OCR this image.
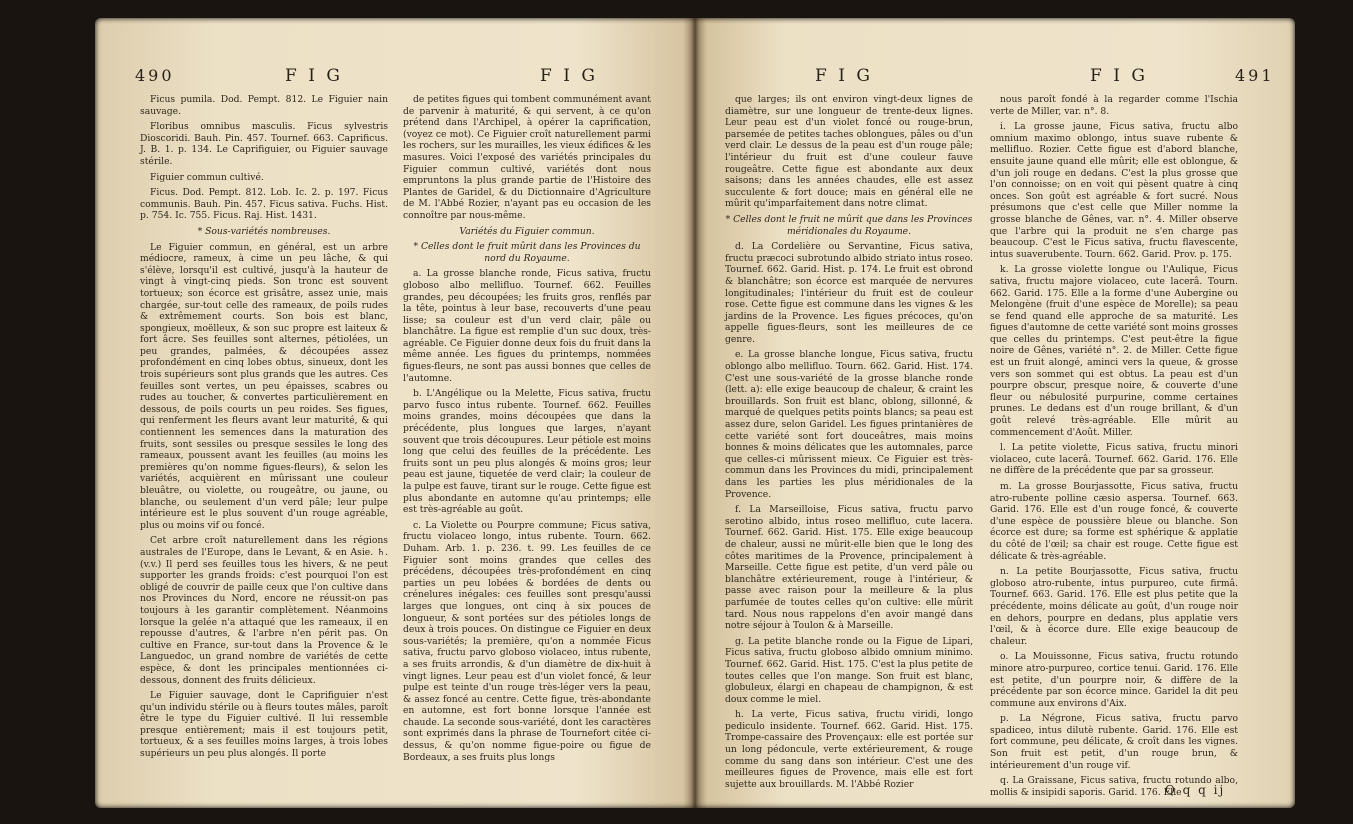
490	F I G	F I G

Ficus pumila. Dod. Pempt. 812. Le Figuier nain sauvage.

Floribus omnibus masculis. Ficus sylvestris Dioscoridi. Bauh. Pin. 457. Tournef. 663. Caprificus. J. B. 1. p. 134. Le Caprifiguier, ou Figuier sauvage stérile.

Figuier commun cultivé.

Ficus. Dod. Pempt. 812. Lob. Ic. 2. p. 197. Ficus communis. Bauh. Pin. 457. Ficus sativa. Fuchs. Hist. p. 754. Ic. 755. Ficus. Raj. Hist. 1431.

* Sous-variétés nombreuses.

Le Figuier commun, en général, est un arbre médiocre, rameux, à cime un peu lâche, & qui s'élève, lorsqu'il est cultivé, jusqu'à la hauteur de vingt à vingt-cinq pieds. Son tronc est souvent tortueux; son écorce est grisâtre, assez unie, mais chargée, sur-tout celle des rameaux, de poils rudes & extrêmement courts. Son bois est blanc, spongieux, moëlleux, & son suc propre est laiteux & fort âcre. Ses feuilles sont alternes, pétiolées, un peu grandes, palmées, & découpées assez profondément en cinq lobes obtus, sinueux, dont les trois supérieurs sont plus grands que les autres. Ces feuilles sont vertes, un peu épaisses, scabres ou rudes au toucher, & convertes particulièrement en dessous, de poils courts un peu roides. Ses figues, qui renferment les fleurs avant leur maturité, & qui contiennent les semences dans la maturation des fruits, sont sessiles ou presque sessiles le long des rameaux, poussent avant les feuilles (au moins les premières qu'on nomme figues-fleurs), & selon les variétés, acquièrent en mûrissant une couleur bleuâtre, ou violette, ou rougeâtre, ou jaune, ou blanche, ou seulement d'un verd pâle; leur pulpe intérieure est le plus souvent d'un rouge agréable, plus ou moins vif ou foncé.

Cet arbre croît naturellement dans les régions australes de l'Europe, dans le Levant, & en Asie. ♄. (v.v.) Il perd ses feuilles tous les hivers, & ne peut supporter les grands froids: c'est pourquoi l'on est obligé de couvrir de paille ceux que l'on cultive dans nos Provinces du Nord, encore ne réussit-on pas toujours à les garantir complètement. Néanmoins lorsque la gelée n'a attaqué que les rameaux, il en repousse d'autres, & l'arbre n'en périt pas. On cultive en France, sur-tout dans la Provence & le Languedoc, un grand nombre de variétés de cette espèce, & dont les principales mentionnées ci-dessous, donnent des fruits délicieux.

Le Figuier sauvage, dont le Caprifiguier n'est qu'un individu stérile ou à fleurs toutes mâles, paroît être le type du Figuier cultivé. Il lui ressemble presque entièrement; mais il est toujours petit, tortueux, & a ses feuilles moins larges, à trois lobes supérieurs un peu plus alongés. Il porte

de petites figues qui tombent communément avant de parvenir à maturité, & qui servent, à ce qu'on prétend dans l'Archipel, à opérer la caprification, (voyez ce mot). Ce Figuier croît naturellement parmi les rochers, sur les murailles, les vieux édifices & les masures. Voici l'exposé des variétés principales du Figuier commun cultivé, variétés dont nous empruntons la plus grande partie de l'Histoire des Plantes de Garidel, & du Dictionnaire d'Agriculture de M. l'Abbé Rozier, n'ayant pas eu occasion de les connoître par nous-même.

Variétés du Figuier commun.

* Celles dont le fruit mûrit dans les Provinces du nord du Royaume.

a. La grosse blanche ronde, Ficus sativa, fructu globoso albo mellifluo. Tournef. 662. Feuilles grandes, peu découpées; les fruits gros, renflés par la tête, pointus à leur base, recouverts d'une peau lisse; sa couleur est d'un verd clair, pâle ou blanchâtre. La figue est remplie d'un suc doux, très-agréable. Ce Figuier donne deux fois du fruit dans la même année. Les figues du printemps, nommées figues-fleurs, ne sont pas aussi bonnes que celles de l'automne.

b. L'Angélique ou la Melette, Ficus sativa, fructu parvo fusco intus rubente. Tournef. 662. Feuilles moins grandes, moins découpées que dans la précédente, plus longues que larges, n'ayant souvent que trois découpures. Leur pétiole est moins long que celui des feuilles de la précédente. Les fruits sont un peu plus alongés & moins gros; leur peau est jaune, tiquetée de verd clair; la couleur de la pulpe est fauve, tirant sur le rouge. Cette figue est plus abondante en automne qu'au printemps; elle est très-agréable au goût.

c. La Violette ou Pourpre commune; Ficus sativa, fructu violaceo longo, intus rubente. Tourn. 662. Duham. Arb. 1. p. 236. t. 99. Les feuilles de ce Figuier sont moins grandes que celles des précédens, découpées très-profondément en cinq parties un peu lobées & bordées de dents ou crénelures inégales: ces feuilles sont presqu'aussi larges que longues, ont cinq à six pouces de longueur, & sont portées sur des pétioles longs de deux à trois pouces. On distingue ce Figuier en deux sous-variétés; la première, qu'on a nommée Ficus sativa, fructu parvo globoso violaceo, intus rubente, a ses fruits arrondis, & d'un diamètre de dix-huit à vingt lignes. Leur peau est d'un violet foncé, & leur pulpe est teinte d'un rouge très-léger vers la peau, & assez foncé au centre. Cette figue, très-abondante en automne, est fort bonne lorsque l'année est chaude. La seconde sous-variété, dont les caractères sont exprimés dans la phrase de Tournefort citée ci-dessus, & qu'on nomme figue-poire ou figue de Bordeaux, a ses fruits plus longs

F I G	F I G	491

que larges; ils ont environ vingt-deux lignes de diamètre, sur une longueur de trente-deux lignes. Leur peau est d'un violet foncé ou rouge-brun, parsemée de petites taches oblongues, pâles ou d'un verd clair. Le dessus de la peau est d'un rouge pâle; l'intérieur du fruit est d'une couleur fauve rougeâtre. Cette figue est abondante aux deux saisons; dans les années chaudes, elle est assez succulente & fort douce; mais en général elle ne mûrit qu'imparfaitement dans notre climat.

* Celles dont le fruit ne mûrit que dans les Provinces méridionales du Royaume.

d. La Cordelière ou Servantine, Ficus sativa, fructu præcoci subrotundo albido striato intus roseo. Tournef. 662. Garid. Hist. p. 174. Le fruit est obrond & blanchâtre; son écorce est marquée de nervures longitudinales; l'intérieur du fruit est de couleur rose. Cette figue est commune dans les vignes & les jardins de la Provence. Les figues précoces, qu'on appelle figues-fleurs, sont les meilleures de ce genre.

e. La grosse blanche longue, Ficus sativa, fructu oblongo albo mellifluo. Tourn. 662. Garid. Hist. 174. C'est une sous-variété de la grosse blanche ronde (lett. a): elle exige beaucoup de chaleur, & craint les brouillards. Son fruit est blanc, oblong, sillonné, & marqué de quelques petits points blancs; sa peau est assez dure, selon Garidel. Les figues printanières de cette variété sont fort douceâtres, mais moins bonnes & moins délicates que les automnales, parce que celles-ci mûrissent mieux. Ce Figuier est très-commun dans les Provinces du midi, principalement dans les parties les plus méridionales de la Provence.

f. La Marseilloise, Ficus sativa, fructu parvo serotino albido, intus roseo mellifluo, cute lacera. Tournef. 662. Garid. Hist. 175. Elle exige beaucoup de chaleur, aussi ne mûrit-elle bien que le long des côtes maritimes de la Provence, principalement à Marseille. Cette figue est petite, d'un verd pâle ou blanchâtre extérieurement, rouge à l'intérieur, & passe avec raison pour la meilleure & la plus parfumée de toutes celles qu'on cultive: elle mûrit tard. Nous nous rappelons d'en avoir mangé dans notre séjour à Toulon & à Marseille.

g. La petite blanche ronde ou la Figue de Lipari, Ficus sativa, fructu globoso albido omnium minimo. Tournef. 662. Garid. Hist. 175. C'est la plus petite de toutes celles que l'on mange. Son fruit est blanc, globuleux, élargi en chapeau de champignon, & est doux comme le miel.

h. La verte, Ficus sativa, fructu viridi, longo pediculo insidente. Tournef. 662. Garid. Hist. 175. Trompe-cassaire des Provençaux: elle est portée sur un long pédoncule, verte extérieurement, & rouge comme du sang dans son intérieur. C'est une des meilleures figues de Provence, mais elle est fort sujette aux brouillards. M. l'Abbé Rozier

nous paroît fondé à la regarder comme l'Ischia verte de Miller, var. n°. 8.

i. La grosse jaune, Ficus sativa, fructu albo omnium maximo oblongo, intus suave rubente & mellifluo. Rozier. Cette figue est d'abord blanche, ensuite jaune quand elle mûrit; elle est oblongue, & d'un joli rouge en dedans. C'est la plus grosse que l'on connoisse; on en voit qui pèsent quatre à cinq onces. Son goût est agréable & fort sucré. Nous présumons que c'est celle que Miller nomme la grosse blanche de Gênes, var. n°. 4. Miller observe que l'arbre qui la produit ne s'en charge pas beaucoup. C'est le Ficus sativa, fructu flavescente, intus suaverubente. Tourn. 662. Garid. Prov. p. 175.

k. La grosse violette longue ou l'Aulique, Ficus sativa, fructu majore violaceo, cute lacerâ. Tourn. 662. Garid. 175. Elle a la forme d'une Aubergine ou Melongène (fruit d'une espèce de Morelle); sa peau se fend quand elle approche de sa maturité. Les figues d'automne de cette variété sont moins grosses que celles du printemps. C'est peut-être la figue noire de Gênes, variété n°. 2. de Miller. Cette figue est un fruit alongé, aminci vers la queue, & grosse vers son sommet qui est obtus. La peau est d'un pourpre obscur, presque noire, & couverte d'une fleur ou nébulosité purpurine, comme certaines prunes. Le dedans est d'un rouge brillant, & d'un goût relevé très-agréable. Elle mûrit au commencement d'Août. Miller.

l. La petite violette, Ficus sativa, fructu minori violaceo, cute lacerâ. Tournef. 662. Garid. 176. Elle ne diffère de la précédente que par sa grosseur.

m. La grosse Bourjassotte, Ficus sativa, fructu atro-rubente polline cæsio aspersa. Tournef. 663. Garid. 176. Elle est d'un rouge foncé, & couverte d'une espèce de poussière bleue ou blanche. Son écorce est dure; sa forme est sphérique & applatie du côté de l'œil; sa chair est rouge. Cette figue est délicate & très-agréable.

n. La petite Bourjassotte, Ficus sativa, fructu globoso atro-rubente, intus purpureo, cute firmâ. Tournef. 663. Garid. 176. Elle est plus petite que la précédente, moins délicate au goût, d'un rouge noir en dehors, pourpre en dedans, plus applatie vers l'œil, & à écorce dure. Elle exige beaucoup de chaleur.

o. La Mouissonne, Ficus sativa, fructu rotundo minore atro-purpureo, cortice tenui. Garid. 176. Elle est petite, d'un pourpre noir, & diffère de la précédente par son écorce mince. Garidel la dit peu commune aux environs d'Aix.

p. La Négrone, Ficus sativa, fructu parvo spadiceo, intus dilutè rubente. Garid. 176. Elle est fort commune, peu délicate, & croît dans les vignes. Son fruit est petit, d'un rouge brun, & intérieurement d'un rouge vif.

q. La Graissane, Ficus sativa, fructu rotundo albo, mollis & insipidi saporis. Garid. 176. Elle

Q q q ij
